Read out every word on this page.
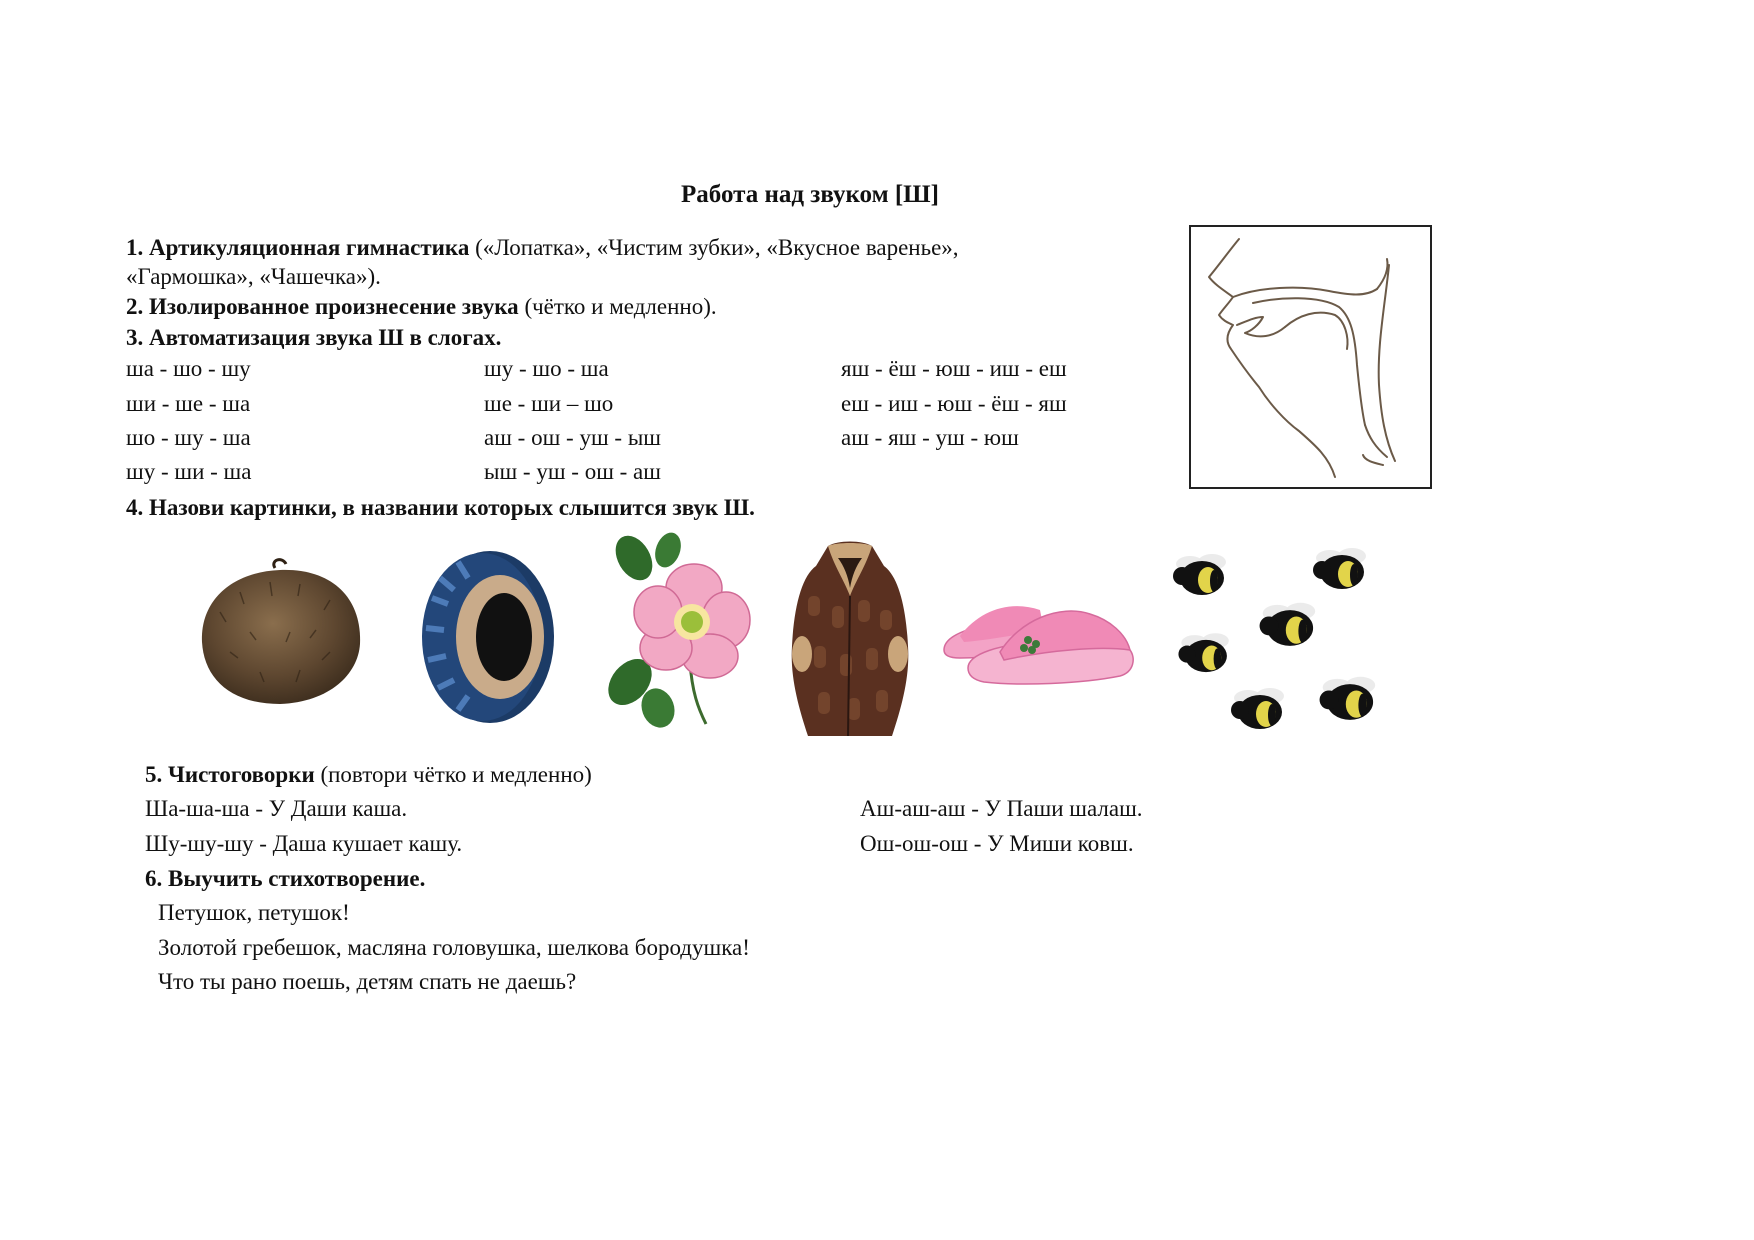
Работа над звуком [Ш]
1. Артикуляционная гимнастика («Лопатка», «Чистим зубки», «Вкусное варенье»,
«Гармошка», «Чашечка»).
2. Изолированное произнесение звука (чётко и медленно).
3. Автоматизация звука Ш в слогах.
ша - шо - шу
ши - ше - ша
шо - шу - ша
шу - ши - ша
шу - шо - ша
ше - ши – шо
аш - ош - уш - ыш
ыш - уш - ош - аш
яш - ёш - юш - иш - еш
еш - иш - юш - ёш - яш
аш - яш - уш - юш
4. Назови картинки, в названии которых слышится звук Ш.
5. Чистоговорки (повтори чётко и медленно)
Ша-ша-ша - У Даши каша.
Шу-шу-шу - Даша кушает кашу.
Аш-аш-аш - У Паши шалаш.
Ош-ош-ош - У Миши ковш.
6. Выучить стихотворение.
Петушок, петушок!
Золотой гребешок, масляна головушка, шелкова бородушка!
Что ты рано поешь, детям спать не даешь?
